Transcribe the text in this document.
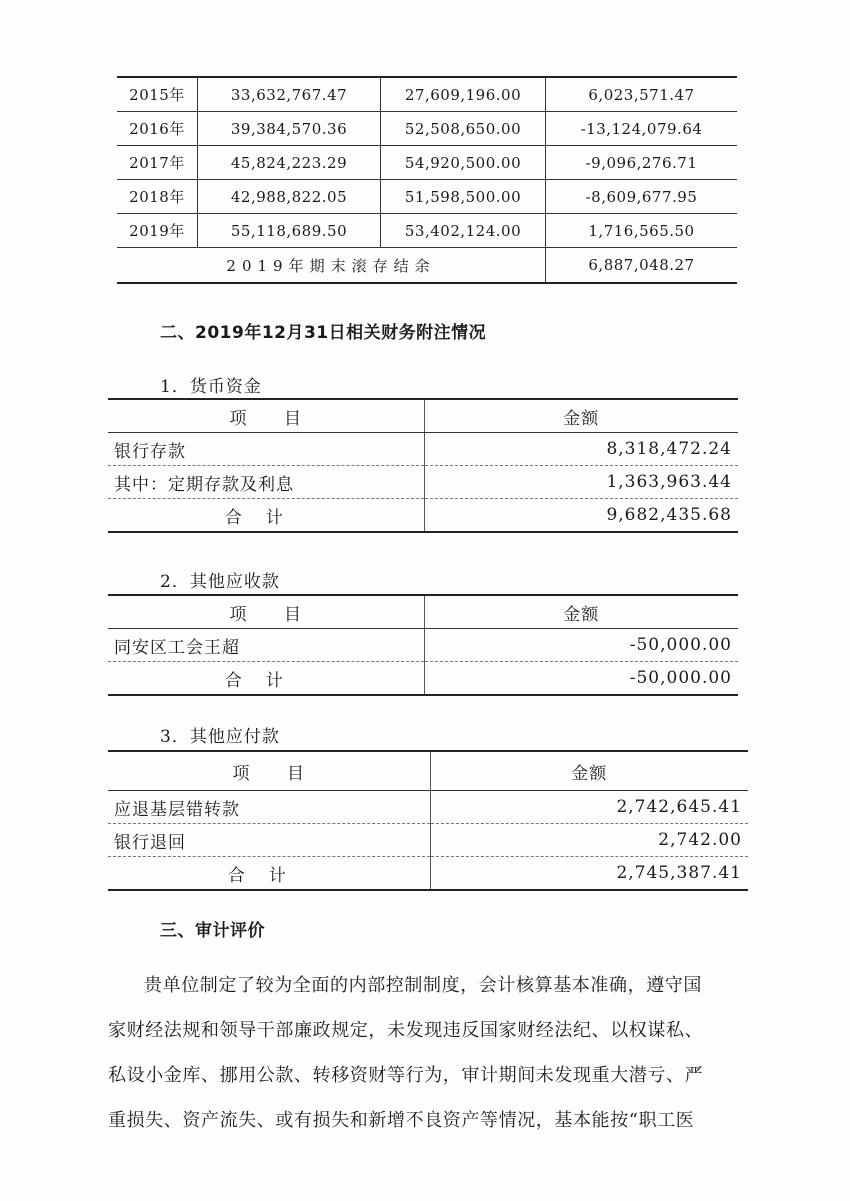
2015年	33,632,767.47	27,609,196.00	6,023,571.47
2016年	39,384,570.36	52,508,650.00	-13,124,079.64
2017年	45,824,223.29	54,920,500.00	-9,096,276.71
2018年	42,988,822.05	51,598,500.00	-8,609,677.95
2019年	55,118,689.50	53,402,124.00	1,716,565.50
2019年期末滚存结余			6,887,048.27
二、2019年12月31日相关财务附注情况
1．货币资金
项 目	金额
银行存款	8,318,472.24
其中：定期存款及利息	1,363,963.44
合计	9,682,435.68
2．其他应收款
项 目	金额
同安区工会王超	-50,000.00
合计	-50,000.00
3．其他应付款
项 目	金额
应退基层错转款	2,742,645.41
银行退回	2,742.00
合计	2,745,387.41
三、审计评价
贵单位制定了较为全面的内部控制制度，会计核算基本准确，遵守国
家财经法规和领导干部廉政规定，未发现违反国家财经法纪、以权谋私、
私设小金库、挪用公款、转移资财等行为，审计期间未发现重大潜亏、严
重损失、资产流失、或有损失和新增不良资产等情况，基本能按“职工医
